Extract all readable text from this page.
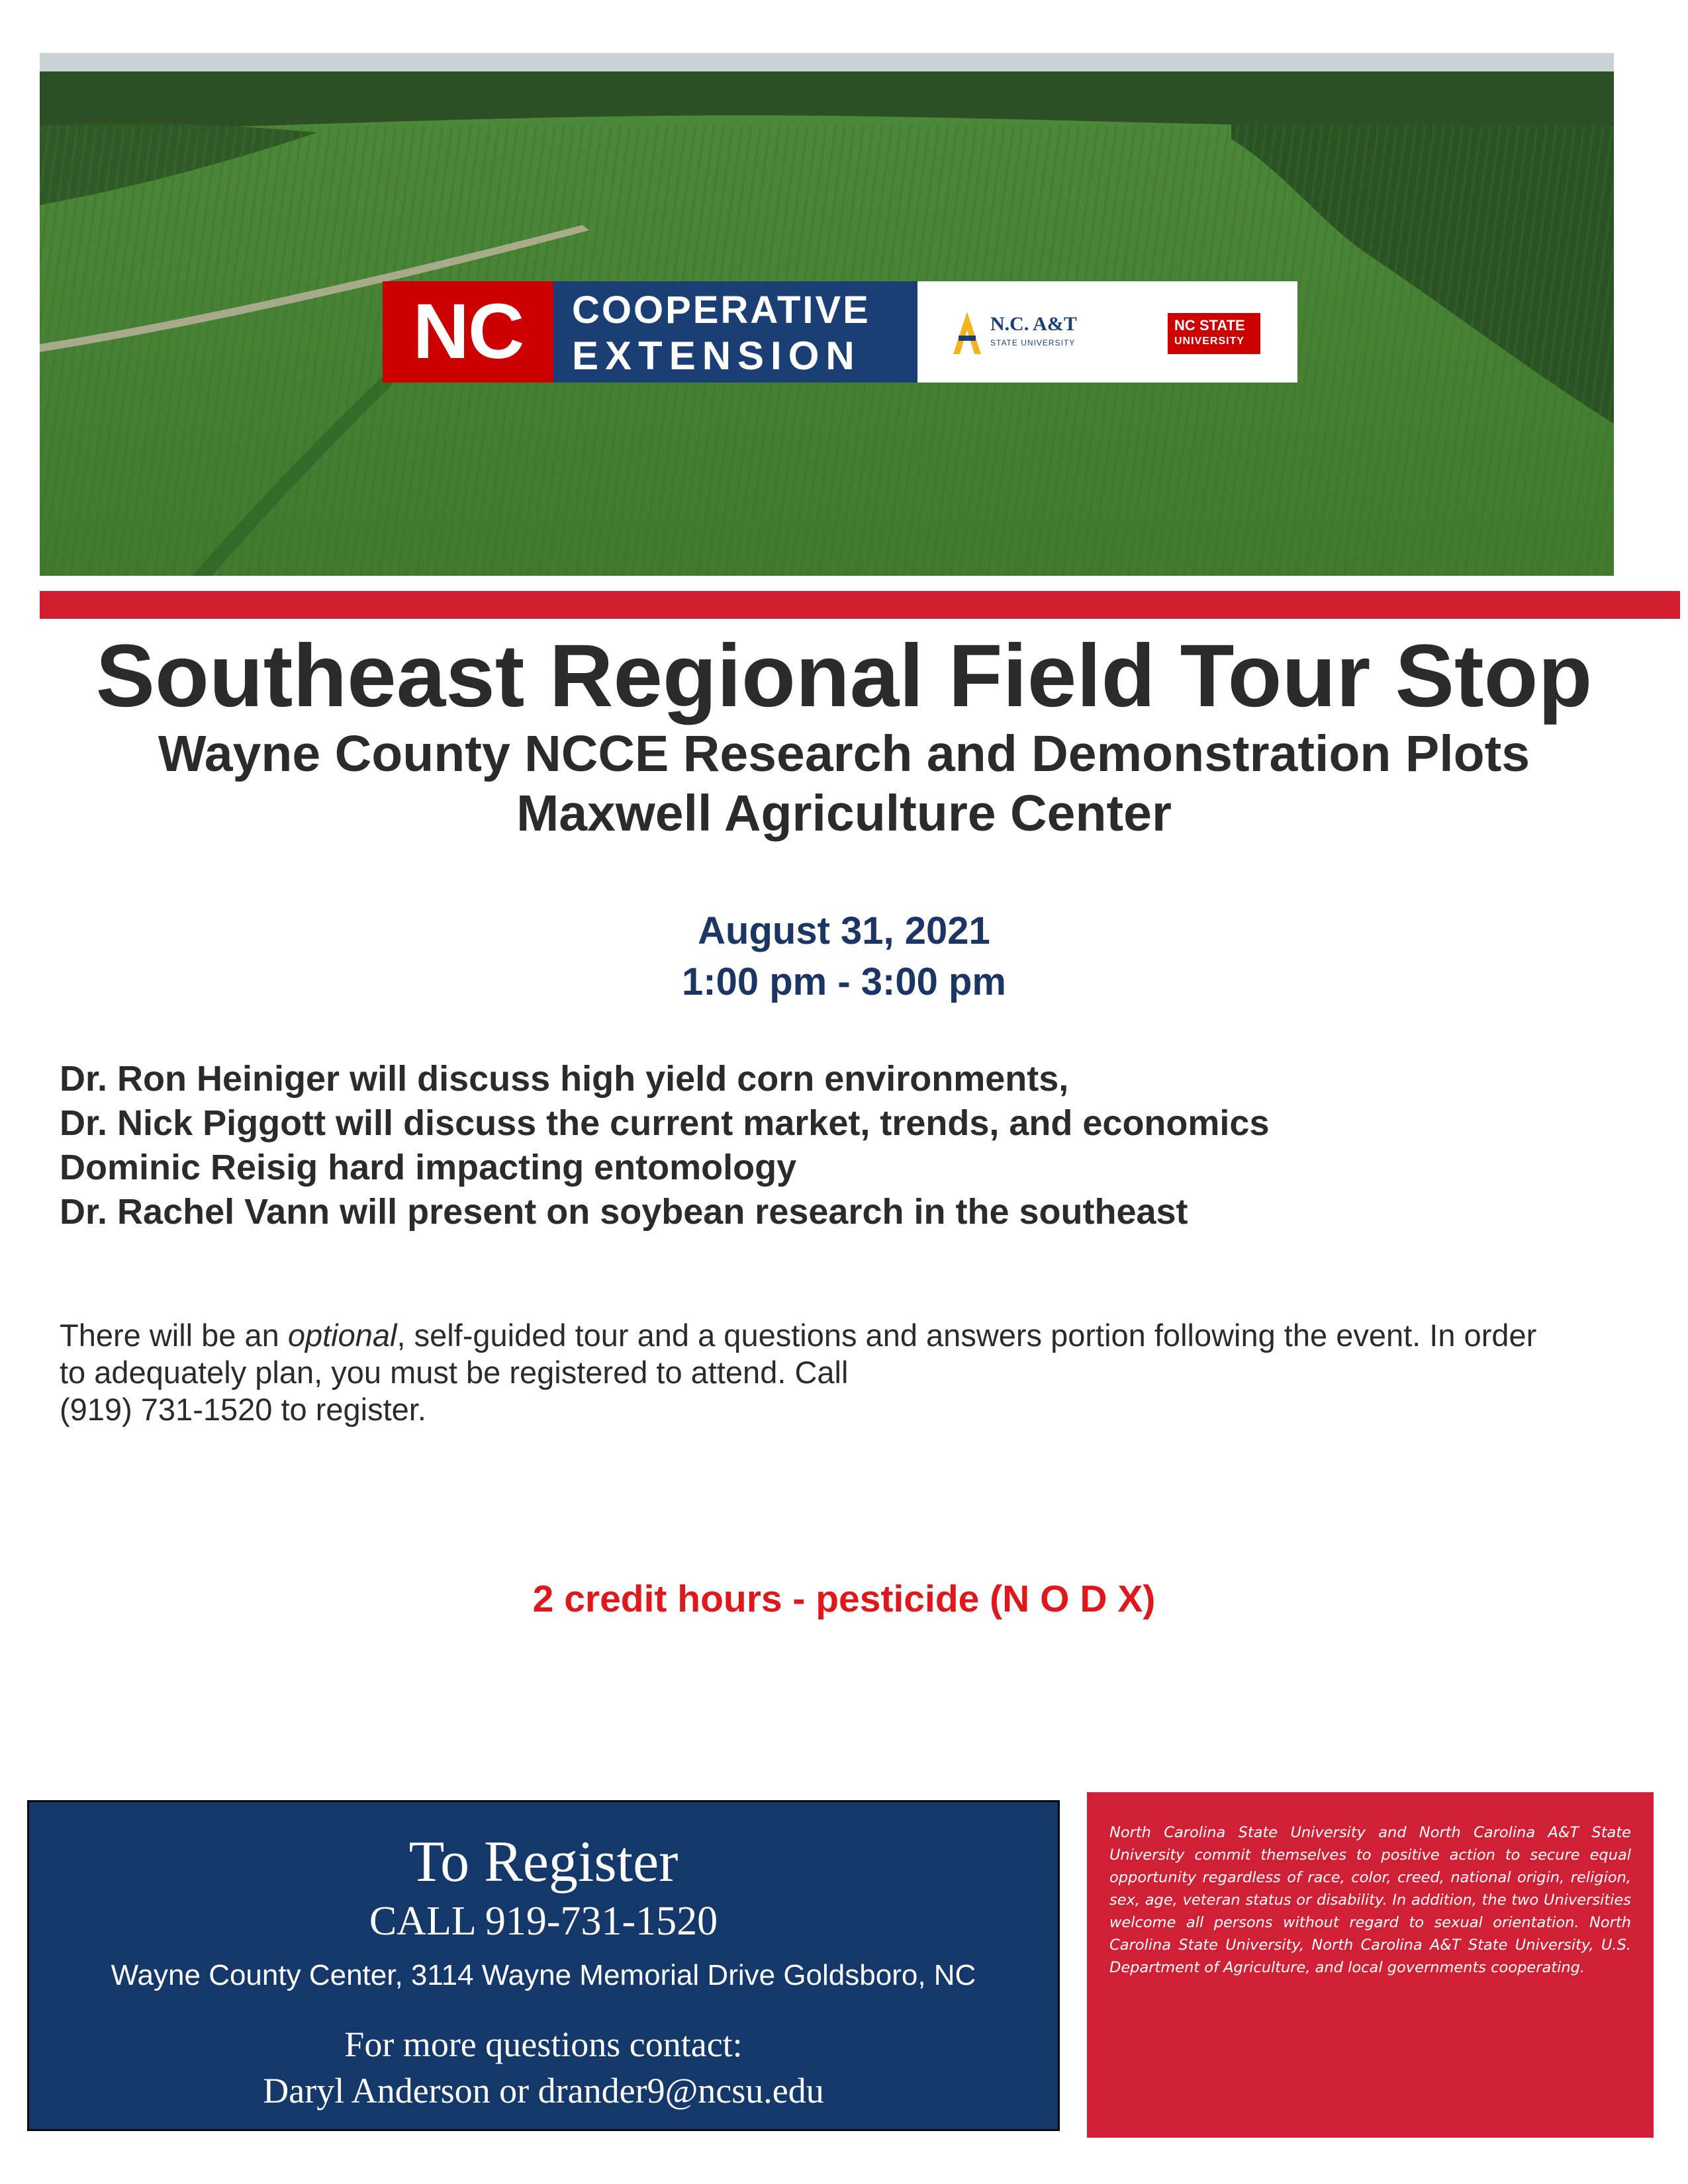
NC	COOPERATIVE
EXTENSION
N.C. A&T
STATE UNIVERSITY
NC STATE
UNIVERSITY
Southeast Regional Field Tour Stop
Wayne County NCCE Research and Demonstration Plots
Maxwell Agriculture Center
August 31, 2021
1:00 pm - 3:00 pm
Dr. Ron Heiniger will discuss high yield corn environments,
Dr. Nick Piggott will discuss the current market, trends, and economics
Dominic Reisig hard impacting entomology
Dr. Rachel Vann will present on soybean research in the southeast
There will be an optional, self-guided tour and a questions and answers portion following the event. In order
to adequately plan, you must be registered to attend. Call
(919) 731-1520 to register.
2 credit hours - pesticide (N O D X)
To Register
CALL 919-731-1520
Wayne County Center, 3114 Wayne Memorial Drive Goldsboro, NC
For more questions contact:
Daryl Anderson or drander9@ncsu.edu
North Carolina State University and North Carolina A&T State University commit themselves to positive action to secure equal opportunity regardless of race, color, creed, national origin, religion, sex, age, veteran status or disability. In addition, the two Universities welcome all persons without regard to sexual orientation. North Carolina State University, North Carolina A&T State University, U.S. Department of Agriculture, and local governments cooperating.
